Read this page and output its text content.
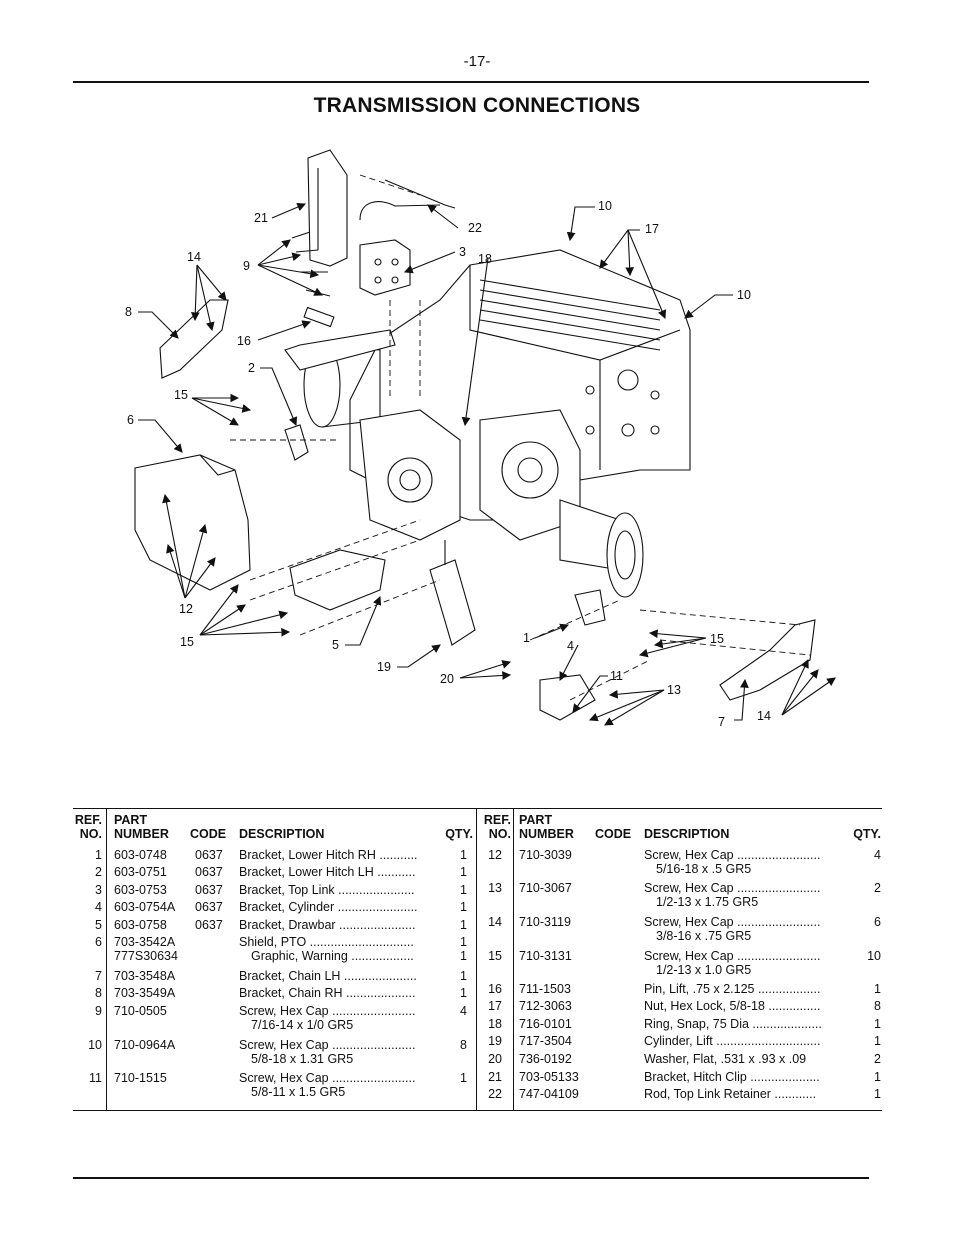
-17-
TRANSMISSION CONNECTIONS
21
22
3 18
10
17
10
14
9
8
16
2
15
6
12
15	5
19
20
1
4
11
15
13
7	14
REF.
NO.
PART
NUMBER CODE DESCRIPTION	QTY.
REF.
NO.
PART
NUMBER CODE DESCRIPTION	QTY.
1 603-0748 0637 Bracket, Lower Hitch RH ...........	1
2 603-0751 0637 Bracket, Lower Hitch LH ...........	1
3 603-0753 0637 Bracket, Top Link ......................	1
4 603-0754A 0637 Bracket, Cylinder .......................	1
5 603-0758 0637 Bracket, Drawbar ......................	1
6 703-3542A	Shield, PTO ..............................	1
777S30634	Graphic, Warning ..................	1
7 703-3548A	Bracket, Chain LH .....................	1
8 703-3549A	Bracket, Chain RH ....................	1
9 710-0505	Screw, Hex Cap ........................	4
7/16-14 x 1/0 GR5
10 710-0964A	Screw, Hex Cap ........................	8
5/8-18 x 1.31 GR5
11 710-1515	Screw, Hex Cap ........................	1
5/8-11 x 1.5 GR5
12 710-3039	Screw, Hex Cap ........................	4
5/16-18 x .5 GR5
13 710-3067	Screw, Hex Cap ........................	2
1/2-13 x 1.75 GR5
14 710-3119	Screw, Hex Cap ........................	6
3/8-16 x .75 GR5
15 710-3131	Screw, Hex Cap ........................	10
1/2-13 x 1.0 GR5
16 711-1503	Pin, Lift, .75 x 2.125 ..................	1
17 712-3063	Nut, Hex Lock, 5/8-18 ...............	8
18 716-0101	Ring, Snap, 75 Dia ....................	1
19 717-3504	Cylinder, Lift ..............................	1
20 736-0192	Washer, Flat, .531 x .93 x .09	2
21 703-05133	Bracket, Hitch Clip ....................	1
22 747-04109	Rod, Top Link Retainer ............	1
